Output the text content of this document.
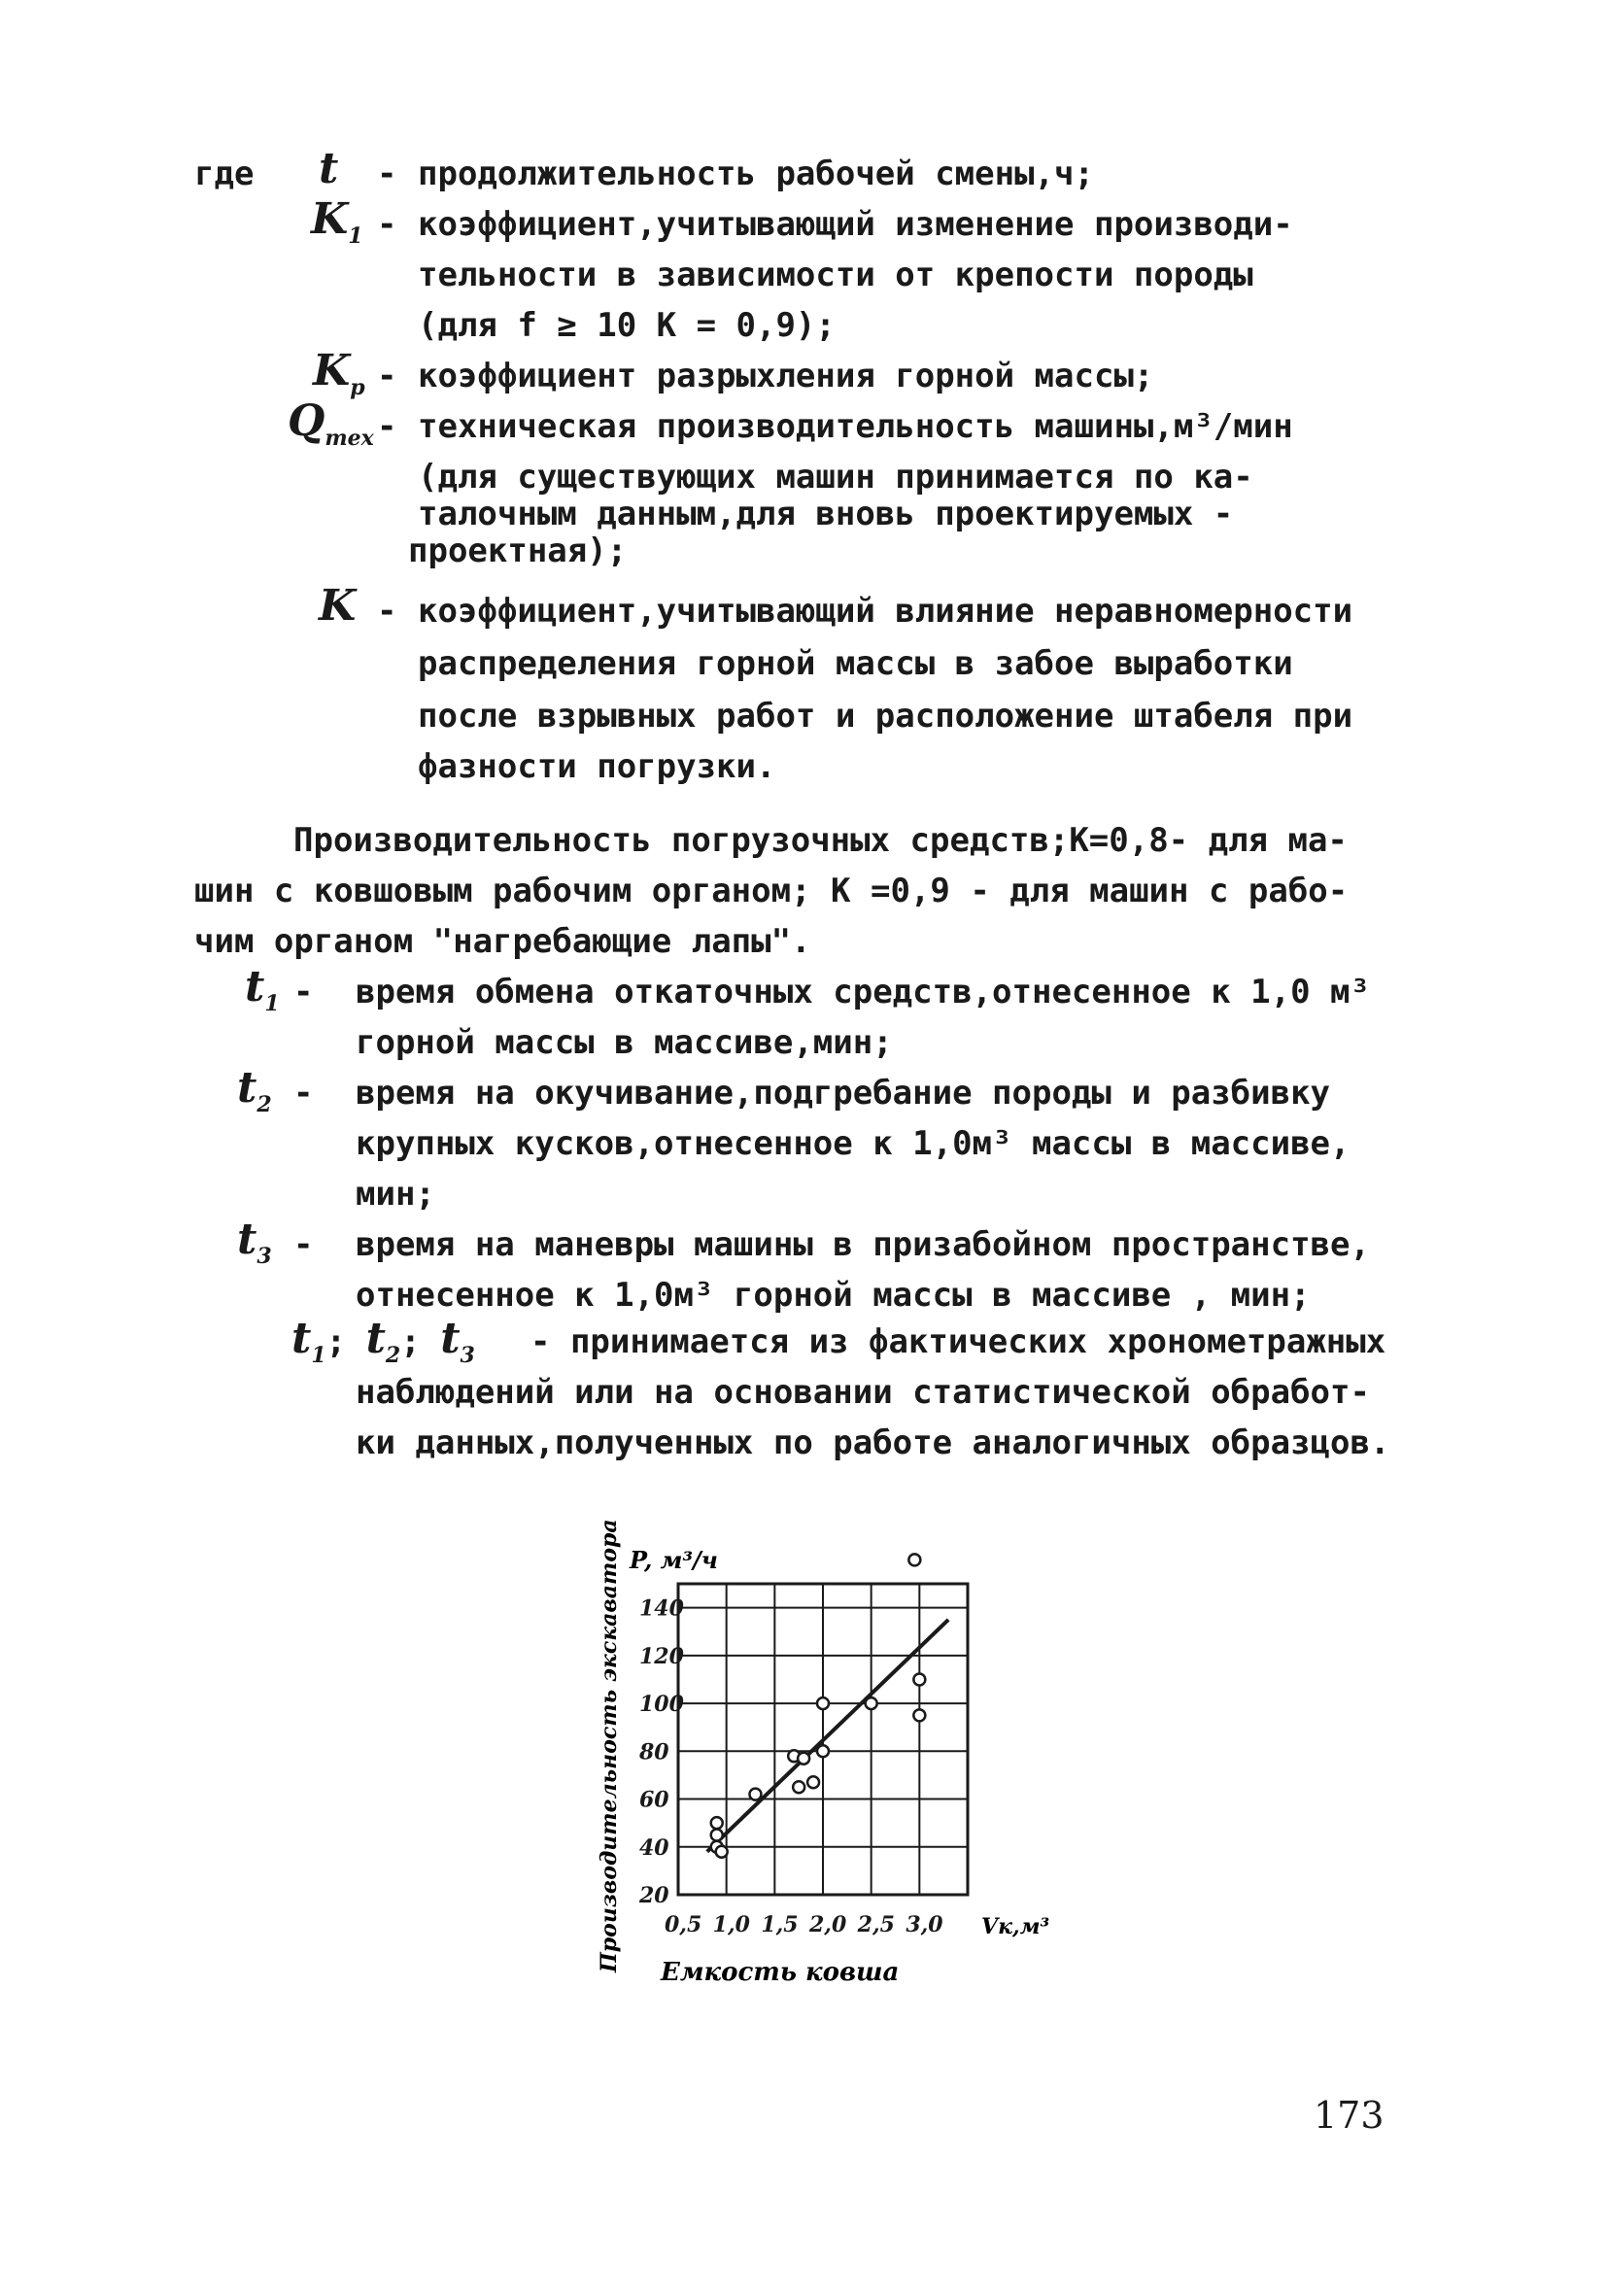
где t - продолжительность рабочей смены,ч;
$K_1$ - коэффициент,учитывающий изменение производи-
тельности в зависимости от крепости породы
(для f ≥ 10 K = 0,9);
$K_р$ - коэффициент разрыхления горной массы;
$Q_{тех}$ - техническая производительность машины,м³/мин
(для существующих машин принимается по ка-
талочным данным,для вновь проектируемых -
проектная);
K - коэффициент,учитывающий влияние неравномерности
распределения горной массы в забое выработки
после взрывных работ и расположение штабеля при
фазности погрузки.
Производительность погрузочных средств;K=0,8- для ма-
шин с ковшовым рабочим органом; K =0,9 - для машин с рабо-
чим органом "нагребающие лапы".
$t_1$ - время обмена откаточных средств,отнесенное к 1,0 м³
горной массы в массиве,мин;
$t_2$ - время на окучивание,подгребание породы и разбивку
крупных кусков,отнесенное к 1,0м³ массы в массиве,
мин;
$t_3$ - время на маневры машины в призабойном пространстве,
отнесенное к 1,0м³ горной массы в массиве , мин;
$t_1$; $t_2$; $t_3$ - принимается из фактических хронометражных
наблюдений или на основании статистической обработ-
ки данных,полученных по работе аналогичных образцов.
Производительность экскаватора P, м³/ч
Vк,м³
Емкость ковша
0,5 1,0 1,5 2,0 2,5 3,0
20
40
60
80
100
120
140
173
